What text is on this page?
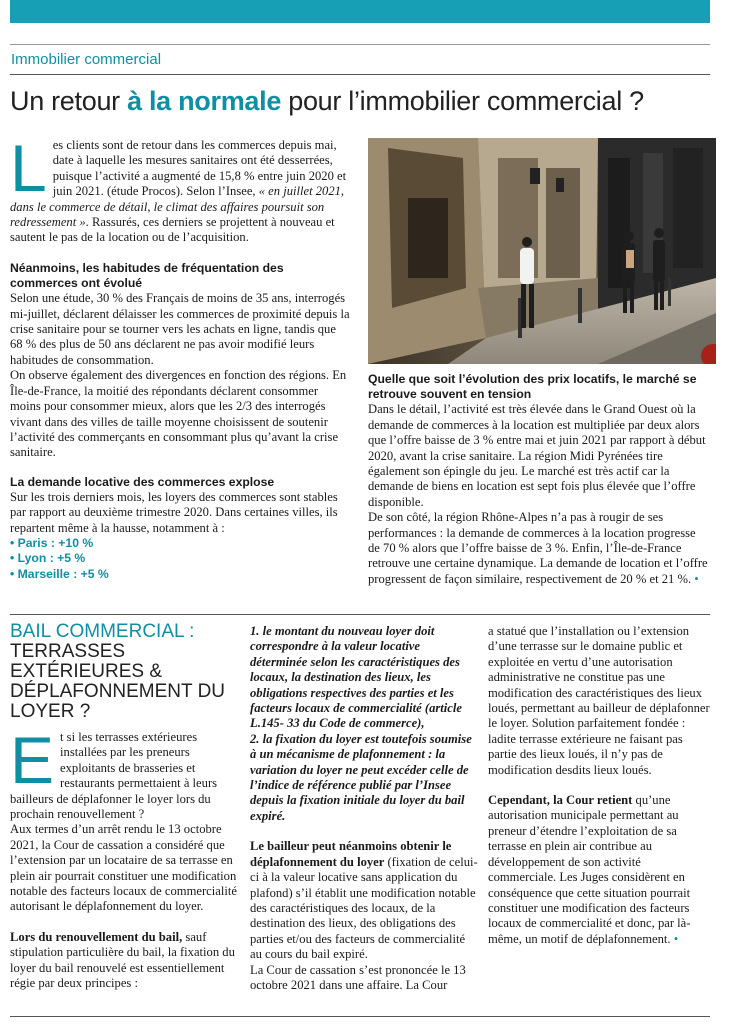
Immobilier commercial
Un retour à la normale pour l’immobilier commercial ?
L es clients sont de retour dans les commerces depuis mai, date à laquelle les mesures sanitaires ont été desserrées, puisque l’activité a augmenté de 15,8 % entre juin 2020 et juin 2021. (étude Procos). Selon l’Insee, « en juillet 2021, dans le commerce de détail, le climat des affaires poursuit son redressement ». Rassurés, ces derniers se projettent à nouveau et sautent le pas de la location ou de l’acquisition.

Néanmoins, les habitudes de fréquentation des commerces ont évolué

Selon une étude, 30 % des Français de moins de 35 ans, interrogés mi-juillet, déclarent délaisser les commerces de proximité depuis la crise sanitaire pour se tourner vers les achats en ligne, tandis que 68 % des plus de 50 ans déclarent ne pas avoir modifié leurs habitudes de consommation.

On observe également des divergences en fonction des régions. En Île-de-France, la moitié des répondants déclarent consommer moins pour consommer mieux, alors que les 2/3 des interrogés vivant dans des villes de taille moyenne choisissent de soutenir l’activité des commerçants en consommant plus qu’avant la crise sanitaire.

La demande locative des commerces explose

Sur les trois derniers mois, les loyers des commerces sont stables par rapport au deuxième trimestre 2020. Dans certaines villes, ils repartent même à la hausse, notamment à :

• Paris : +10 %

• Lyon : +5 %

• Marseille : +5 %

Quelle que soit l’évolution des prix locatifs, le marché se retrouve souvent en tension

Dans le détail, l’activité est très élevée dans le Grand Ouest où la demande de commerces à la location est multipliée par deux alors que l’offre baisse de 3 % entre mai et juin 2021 par rapport à début 2020, avant la crise sanitaire. La région Midi Pyrénées tire également son épingle du jeu. Le marché est très actif car la demande de biens en location est sept fois plus élevée que l’offre disponible.

De son côté, la région Rhône-Alpes n’a pas à rougir de ses performances : la demande de commerces à la location progresse de 70 % alors que l’offre baisse de 3 %. Enfin, l’Île-de-France retrouve une certaine dynamique. La demande de location et l’offre progressent de façon similaire, respectivement de 20 % et 21 %. •

BAIL COMMERCIAL :
TERRASSES EXTÉRIEURES & DÉPLAFONNEMENT DU LOYER ?
E t si les terrasses extérieures installées par les preneurs exploitants de brasseries et restaurants permettaient à leurs bailleurs de déplafonner le loyer lors du prochain renouvellement ?

Aux termes d’un arrêt rendu le 13 octobre 2021, la Cour de cassation a considéré que l’extension par un locataire de sa terrasse en plein air pourrait constituer une modification notable des facteurs locaux de commercialité autorisant le déplafonnement du loyer.

Lors du renouvellement du bail, sauf stipulation particulière du bail, la fixation du loyer du bail renouvelé est essentiellement régie par deux principes :

1. le montant du nouveau loyer doit correspondre à la valeur locative déterminée selon les caractéristiques des locaux, la destination des lieux, les obligations respectives des parties et les facteurs locaux de commercialité (article L.145- 33 du Code de commerce),

2. la fixation du loyer est toutefois soumise à un mécanisme de plafonnement : la variation du loyer ne peut excéder celle de l’indice de référence publié par l’Insee depuis la fixation initiale du loyer du bail expiré.

Le bailleur peut néanmoins obtenir le déplafonnement du loyer (fixation de celui-ci à la valeur locative sans application du plafond) s’il établit une modification notable des caractéristiques des locaux, de la destination des lieux, des obligations des parties et/ou des facteurs de commercialité au cours du bail expiré.

La Cour de cassation s’est prononcée le 13 octobre 2021 dans une affaire. La Cour

a statué que l’installation ou l’extension d’une terrasse sur le domaine public et exploitée en vertu d’une autorisation administrative ne constitue pas une modification des caractéristiques des lieux loués, permettant au bailleur de déplafonner le loyer. Solution parfaitement fondée : ladite terrasse extérieure ne faisant pas partie des lieux loués, il n’y pas de modification desdits lieux loués.

Cependant, la Cour retient qu’une autorisation municipale permettant au preneur d’étendre l’exploitation de sa terrasse en plein air contribue au développement de son activité commerciale. Les Juges considèrent en conséquence que cette situation pourrait constituer une modification des facteurs locaux de commercialité et donc, par là-même, un motif de déplafonnement. •
